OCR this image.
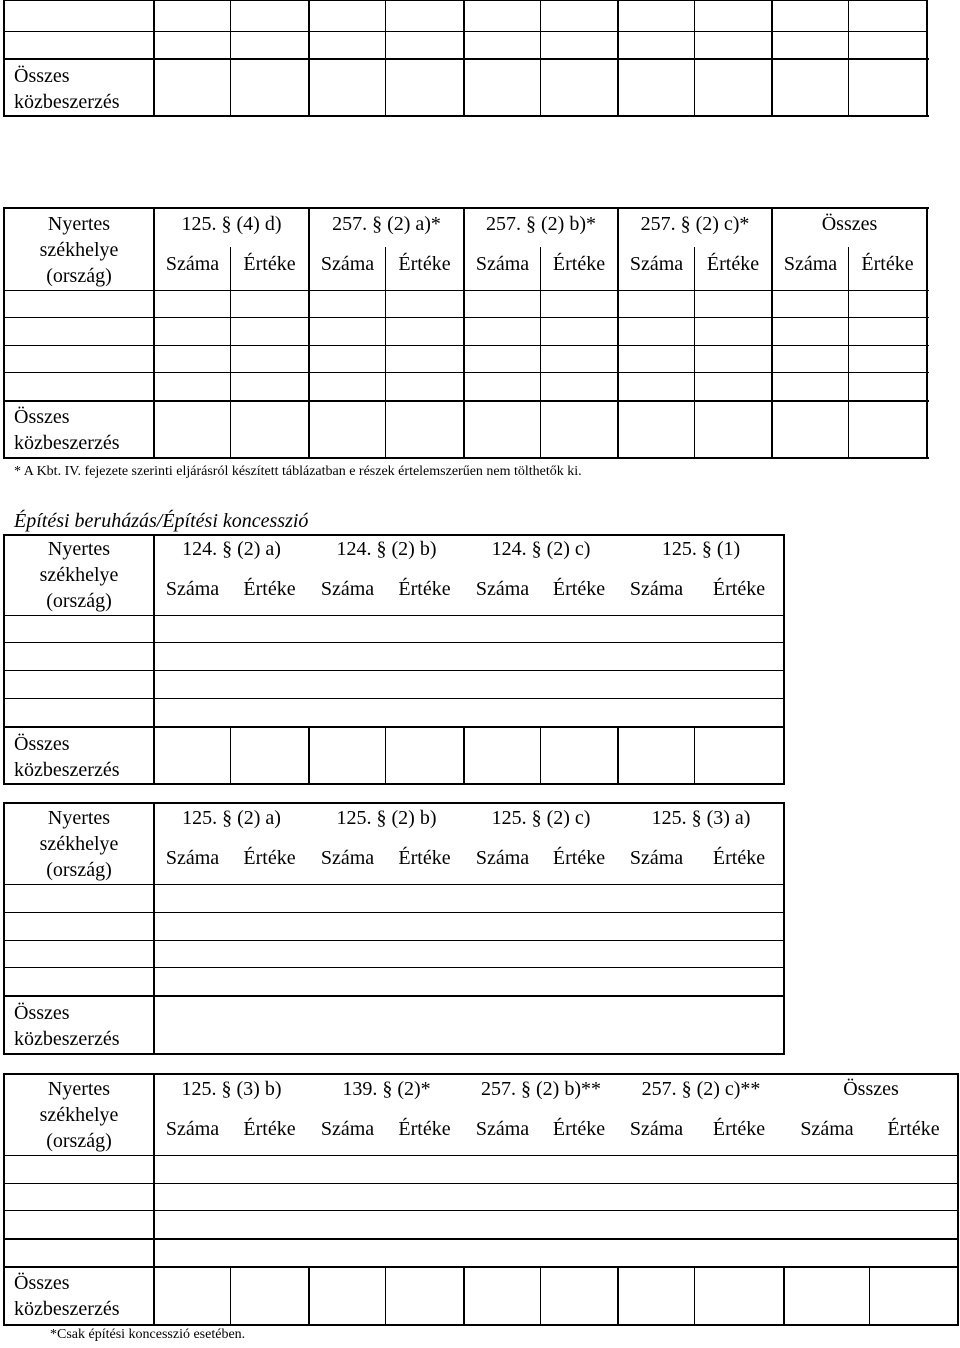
Összes
közbeszerzés
Nyertes
székhelye
(ország)
125. § (4) d)	257. § (2) a)*	257. § (2) b)*	257. § (2) c)*	Összes
Száma	Értéke	Száma	Értéke	Száma	Értéke	Száma	Értéke	Száma	Értéke
Összes
közbeszerzés
* A Kbt. IV. fejezete szerinti eljárásról készített táblázatban e részek értelemszerűen nem tölthetők ki.
Építési beruházás/Építési koncesszió
Nyertes
székhelye
(ország)
124. § (2) a)	124. § (2) b)	124. § (2) c)	125. § (1)
Száma	Értéke	Száma	Értéke	Száma	Értéke	Száma	Értéke
Összes
közbeszerzés
Nyertes
székhelye
(ország)
125. § (2) a)	125. § (2) b)	125. § (2) c)	125. § (3) a)
Száma	Értéke	Száma	Értéke	Száma	Értéke	Száma	Értéke
Összes
közbeszerzés
Nyertes
székhelye
(ország)
125. § (3) b)	139. § (2)*	257. § (2) b)**	257. § (2) c)**	Összes
Száma	Értéke	Száma	Értéke	Száma	Értéke	Száma	Értéke	Száma	Értéke
Összes
közbeszerzés
*Csak építési koncesszió esetében.
